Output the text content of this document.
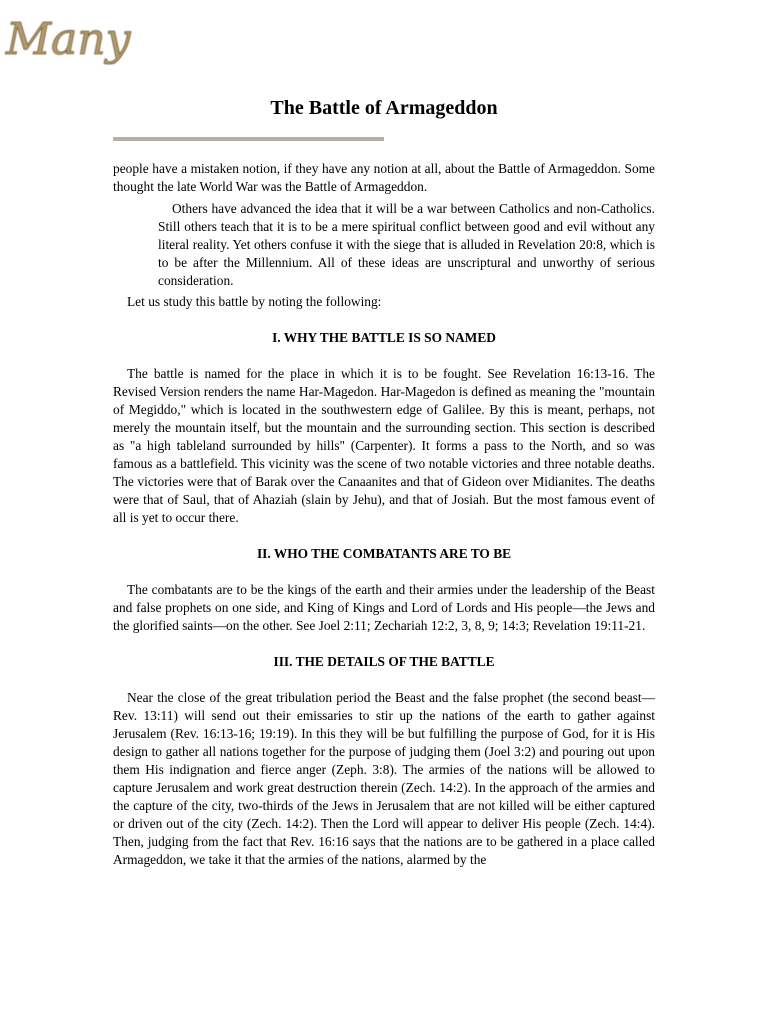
Many
The Battle of Armageddon

people have a mistaken notion, if they have any notion at all, about the Battle of Armageddon. Some thought the late World War was the Battle of Armageddon.

Others have advanced the idea that it will be a war between Catholics and non-Catholics. Still others teach that it is to be a mere spiritual conflict between good and evil without any literal reality. Yet others confuse it with the siege that is alluded in Revelation 20:8, which is to be after the Millennium. All of these ideas are unscriptural and unworthy of serious consideration.

Let us study this battle by noting the following:

I. WHY THE BATTLE IS SO NAMED

The battle is named for the place in which it is to be fought. See Revelation 16:13-16. The Revised Version renders the name Har-Magedon. Har-Magedon is defined as meaning the "mountain of Megiddo," which is located in the southwestern edge of Galilee. By this is meant, perhaps, not merely the mountain itself, but the mountain and the surrounding section. This section is described as "a high tableland surrounded by hills" (Carpenter). It forms a pass to the North, and so was famous as a battlefield. This vicinity was the scene of two notable victories and three notable deaths. The victories were that of Barak over the Canaanites and that of Gideon over Midianites. The deaths were that of Saul, that of Ahaziah (slain by Jehu), and that of Josiah. But the most famous event of all is yet to occur there.

II. WHO THE COMBATANTS ARE TO BE

The combatants are to be the kings of the earth and their armies under the leadership of the Beast and false prophets on one side, and King of Kings and Lord of Lords and His people—the Jews and the glorified saints—on the other. See Joel 2:11; Zechariah 12:2, 3, 8, 9; 14:3; Revelation 19:11-21.

III. THE DETAILS OF THE BATTLE

Near the close of the great tribulation period the Beast and the false prophet (the second beast—Rev. 13:11) will send out their emissaries to stir up the nations of the earth to gather against Jerusalem (Rev. 16:13-16; 19:19). In this they will be but fulfilling the purpose of God, for it is His design to gather all nations together for the purpose of judging them (Joel 3:2) and pouring out upon them His indignation and fierce anger (Zeph. 3:8). The armies of the nations will be allowed to capture Jerusalem and work great destruction therein (Zech. 14:2). In the approach of the armies and the capture of the city, two-thirds of the Jews in Jerusalem that are not killed will be either captured or driven out of the city (Zech. 14:2). Then the Lord will appear to deliver His people (Zech. 14:4). Then, judging from the fact that Rev. 16:16 says that the nations are to be gathered in a place called Armageddon, we take it that the armies of the nations, alarmed by the
